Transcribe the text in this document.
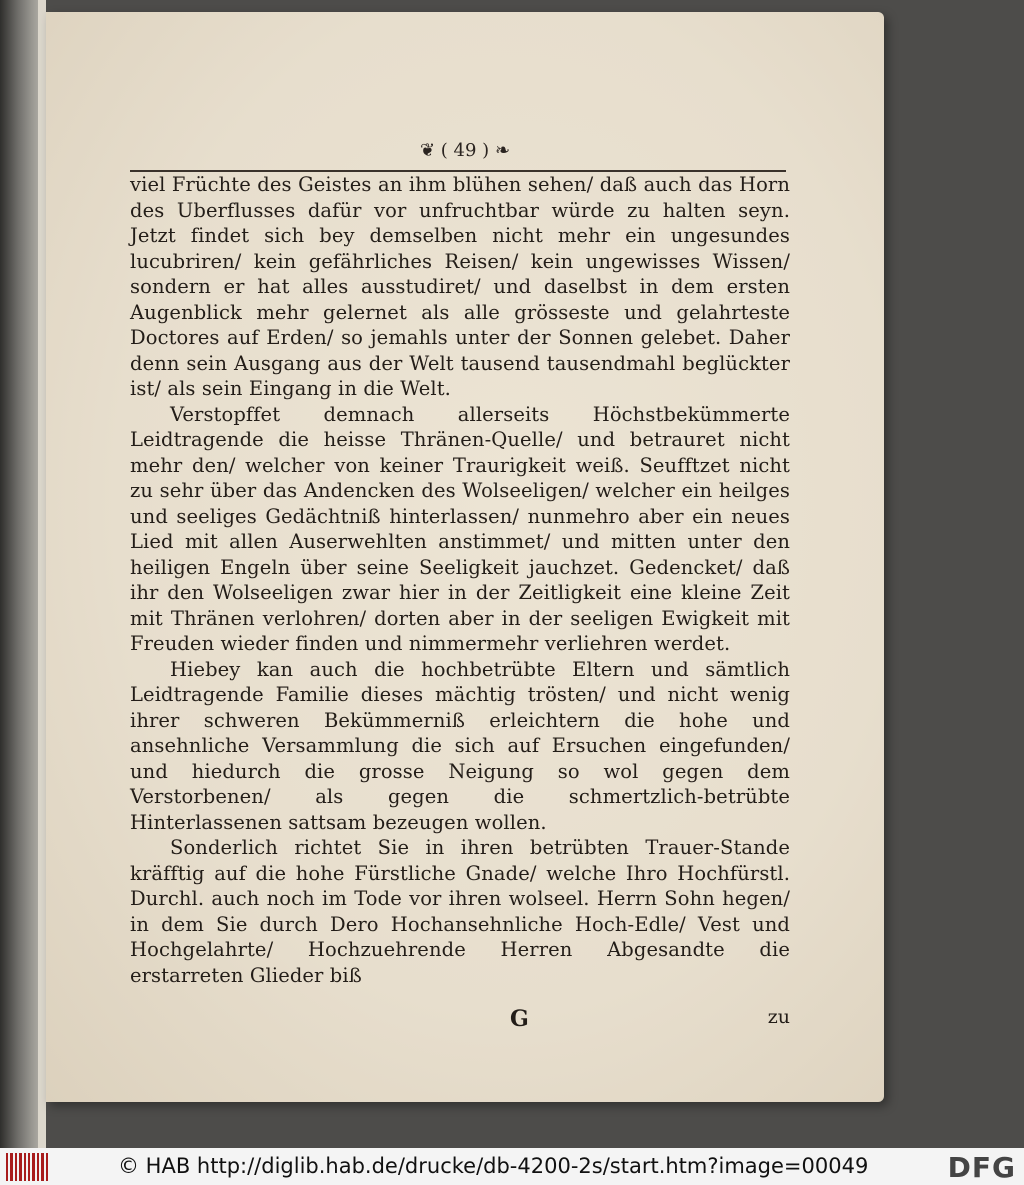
❦ ( 49 ) ❧

viel Früchte des Geistes an ihm blühen sehen/ daß auch das Horn des Uberflusses dafür vor unfruchtbar würde zu halten seyn. Jetzt findet sich bey demselben nicht mehr ein ungesundes lucubriren/ kein gefährliches Reisen/ kein ungewisses Wissen/ sondern er hat alles ausstudiret/ und daselbst in dem ersten Augenblick mehr gelernet als alle grösseste und gelahrteste Doctores auf Erden/ so jemahls unter der Sonnen gelebet. Daher denn sein Ausgang aus der Welt tausend tausendmahl beglückter ist/ als sein Eingang in die Welt.

Verstopffet demnach allerseits Höchstbekümmerte Leidtragende die heisse Thränen-Quelle/ und betrauret nicht mehr den/ welcher von keiner Traurigkeit weiß. Seufftzet nicht zu sehr über das Andencken des Wolseeligen/ welcher ein heilges und seeliges Gedächtniß hinterlassen/ nunmehro aber ein neues Lied mit allen Auserwehlten anstimmet/ und mitten unter den heiligen Engeln über seine Seeligkeit jauchzet. Gedencket/ daß ihr den Wolseeligen zwar hier in der Zeitligkeit eine kleine Zeit mit Thränen verlohren/ dorten aber in der seeligen Ewigkeit mit Freuden wieder finden und nimmermehr verliehren werdet.

Hiebey kan auch die hochbetrübte Eltern und sämtlich Leidtragende Familie dieses mächtig trösten/ und nicht wenig ihrer schweren Bekümmerniß erleichtern die hohe und ansehnliche Versammlung die sich auf Ersuchen eingefunden/ und hiedurch die grosse Neigung so wol gegen dem Verstorbenen/ als gegen die schmertzlich-betrübte Hinterlassenen sattsam bezeugen wollen.

Sonderlich richtet Sie in ihren betrübten Trauer-Stande kräfftig auf die hohe Fürstliche Gnade/ welche Ihro Hochfürstl. Durchl. auch noch im Tode vor ihren wolseel. Herrn Sohn hegen/ in dem Sie durch Dero Hochansehnliche Hoch-Edle/ Vest und Hochgelahrte/ Hochzuehrende Herren Abgesandte die erstarreten Glieder biß

G	zu
© HAB http://diglib.hab.de/drucke/db-4200-2s/start.htm?image=00049	DFG
